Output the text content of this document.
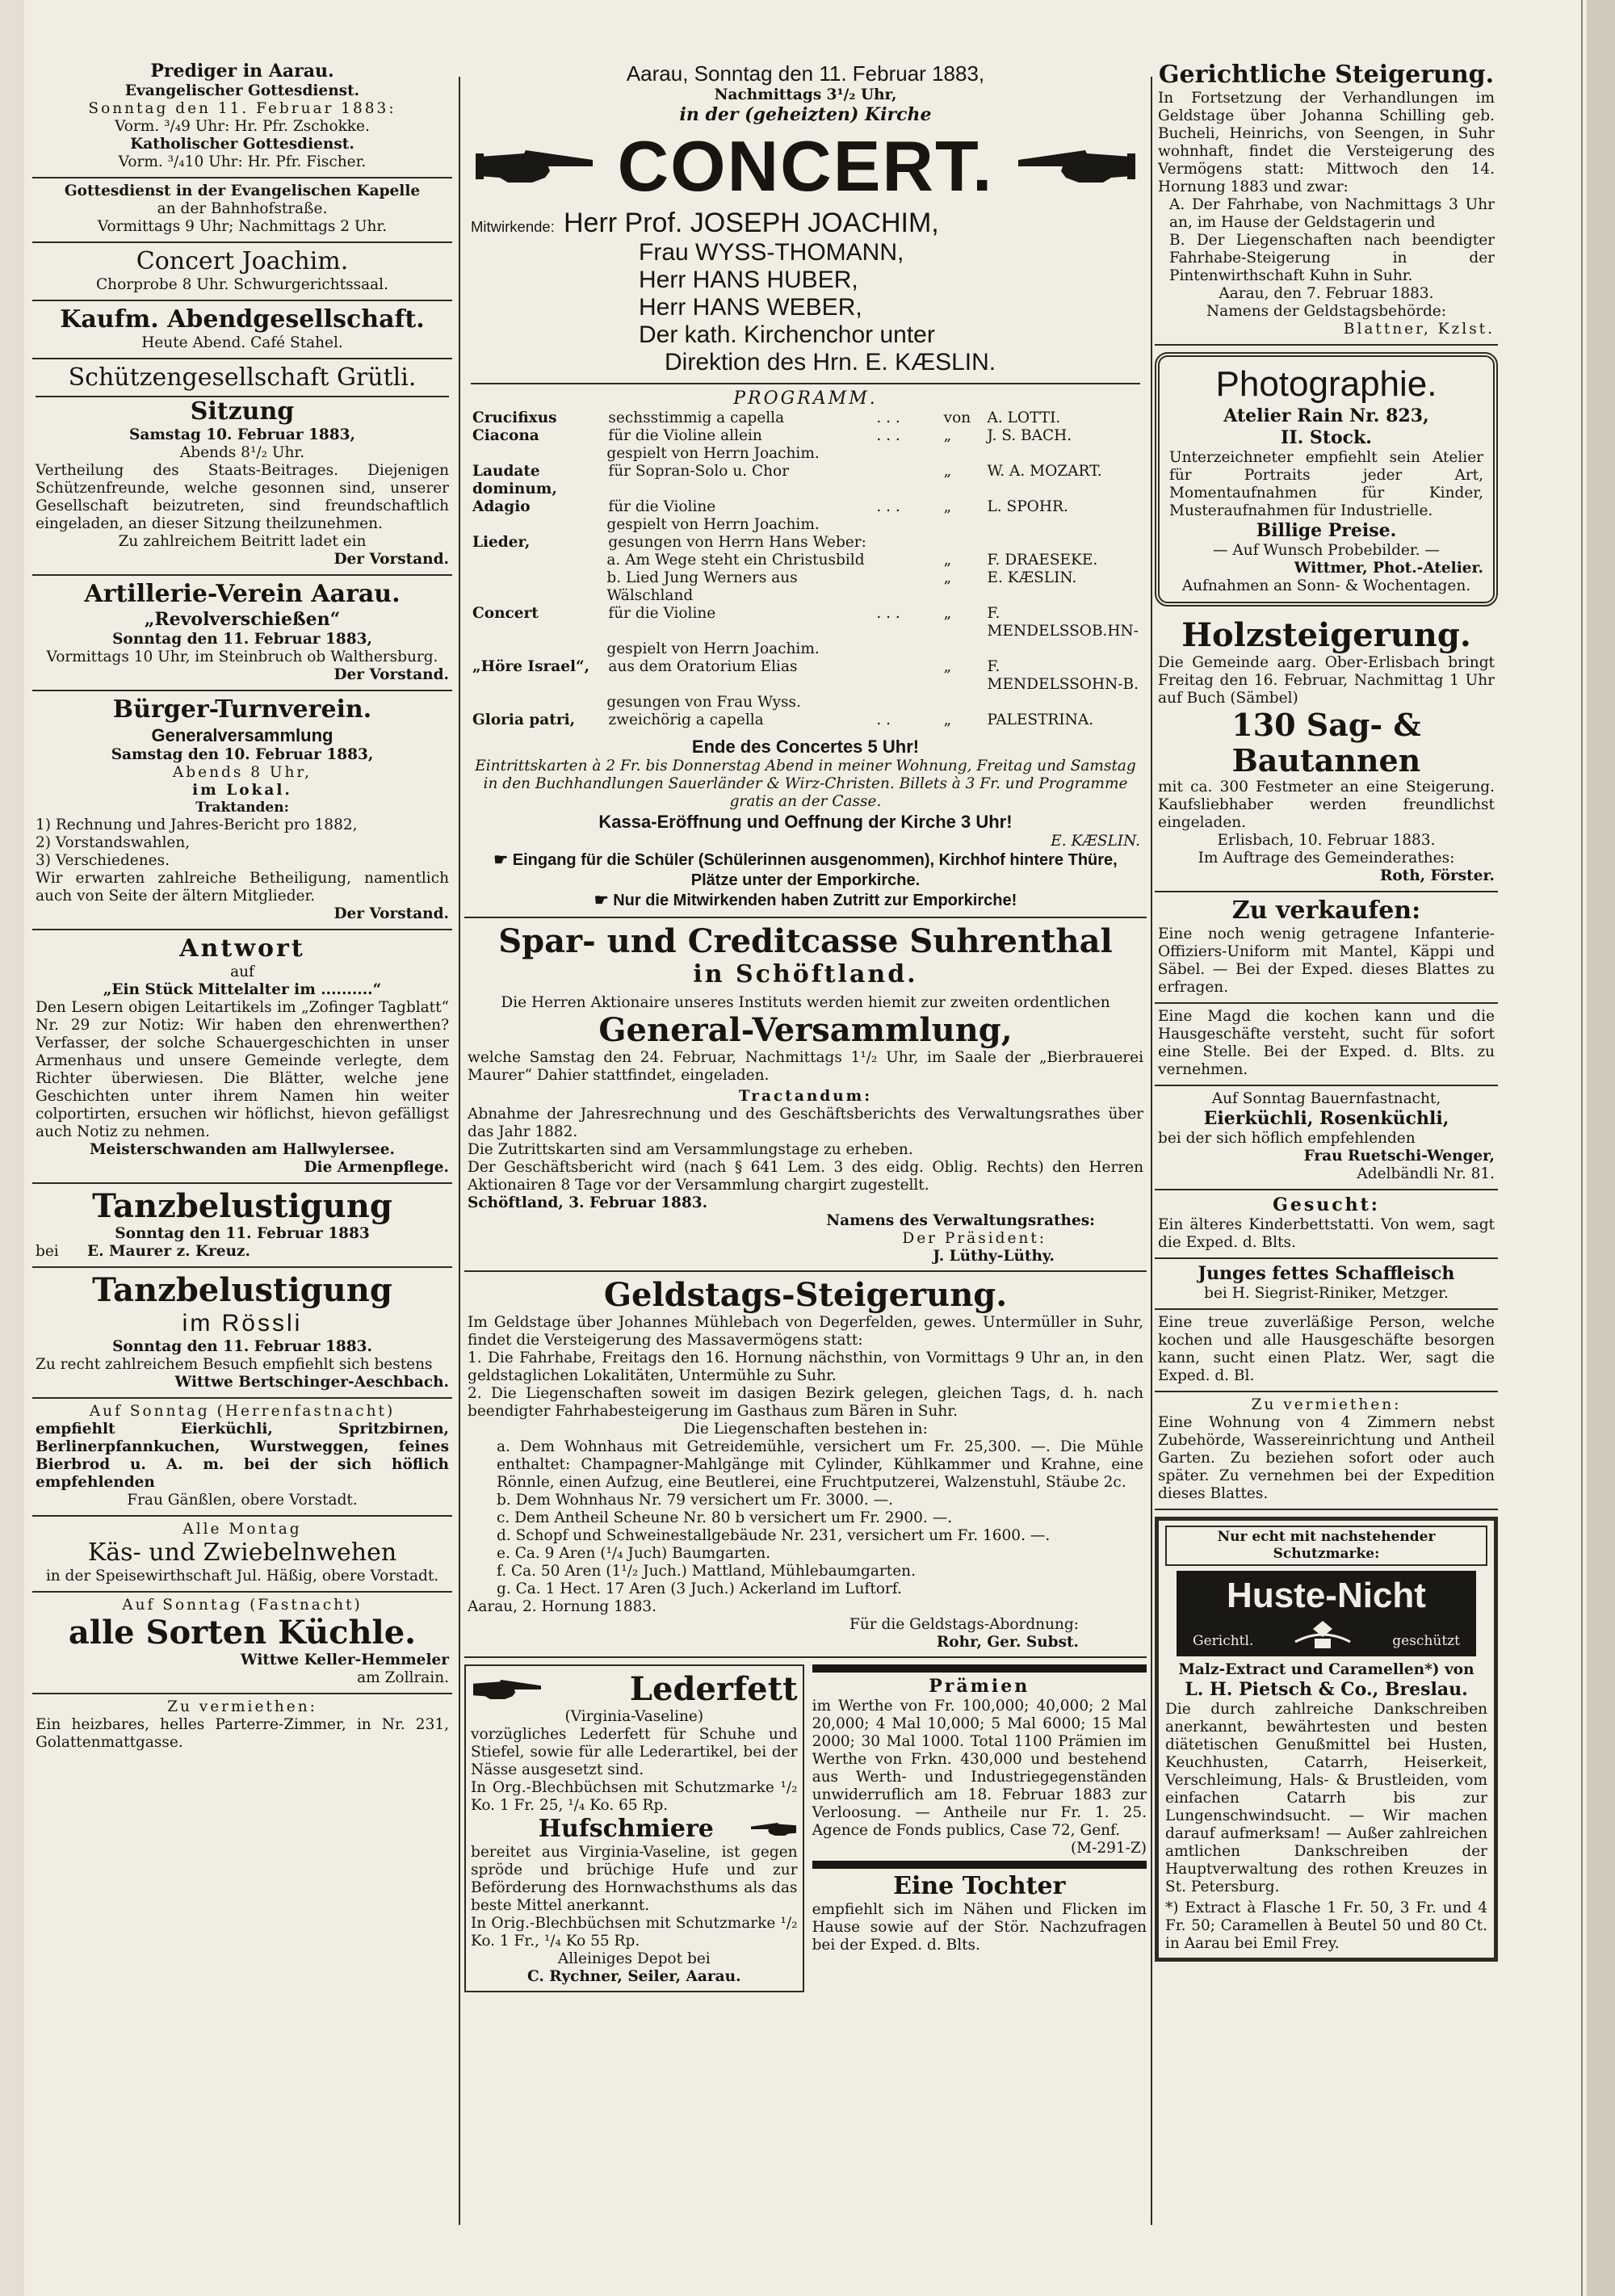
Prediger in Aarau.

Evangelischer Gottesdienst.

Sonntag den 11. Februar 1883:

Vorm. ³/₄9 Uhr: Hr. Pfr. Zschokke.

Katholischer Gottesdienst.

Vorm. ³/₄10 Uhr: Hr. Pfr. Fischer.

Gottesdienst in der Evangelischen Kapelle

an der Bahnhofstraße.

Vormittags 9 Uhr; Nachmittags 2 Uhr.

Concert Joachim.

Chorprobe 8 Uhr. Schwurgerichtssaal.

Kaufm. Abendgesellschaft.

Heute Abend. Café Stahel.

Schützengesellschaft Grütli.

Sitzung

Samstag 10. Februar 1883,

Abends 8¹/₂ Uhr.

Vertheilung des Staats-Beitrages. Diejenigen Schützenfreunde, welche gesonnen sind, unserer Gesellschaft beizutreten, sind freundschaftlich eingeladen, an dieser Sitzung theilzunehmen.

Zu zahlreichem Beitritt ladet ein

Der Vorstand.

Artillerie-Verein Aarau.

„Revolverschießen“

Sonntag den 11. Februar 1883,

Vormittags 10 Uhr, im Steinbruch ob Walthersburg.

Der Vorstand.

Bürger-Turnverein.

Generalversammlung

Samstag den 10. Februar 1883,

Abends 8 Uhr,

im Lokal.

Traktanden:

1) Rechnung und Jahres-Bericht pro 1882,

2) Vorstandswahlen,

3) Verschiedenes.

Wir erwarten zahlreiche Betheiligung, namentlich auch von Seite der ältern Mitglieder.

Der Vorstand.

Antwort

auf

„Ein Stück Mittelalter im ..........“

Den Lesern obigen Leitartikels im „Zofinger Tagblatt“ Nr. 29 zur Notiz: Wir haben den ehrenwerthen? Verfasser, der solche Schauergeschichten in unser Armenhaus und unsere Gemeinde verlegte, dem Richter überwiesen. Die Blätter, welche jene Geschichten unter ihrem Namen hin weiter colportirten, ersuchen wir höflichst, hievon gefälligst auch Notiz zu nehmen.

Meisterschwanden am Hallwylersee.

Die Armenpflege.

Tanzbelustigung

Sonntag den 11. Februar 1883

bei E. Maurer z. Kreuz.

Tanzbelustigung

im Rössli

Sonntag den 11. Februar 1883.

Zu recht zahlreichem Besuch empfiehlt sich bestens

Wittwe Bertschinger-Aeschbach.

Auf Sonntag (Herrenfastnacht)

empfiehlt Eierküchli, Spritzbirnen, Berlinerpfannkuchen, Wurstweggen, feines Bierbrod u. A. m. bei der sich höflich empfehlenden

Frau Gänßlen, obere Vorstadt.

Alle Montag

Käs- und Zwiebelnwehen

in der Speisewirthschaft Jul. Häßig, obere Vorstadt.

Auf Sonntag (Fastnacht)

alle Sorten Küchle.

Wittwe Keller-Hemmeler

am Zollrain.

Zu vermiethen:

Ein heizbares, helles Parterre-Zimmer, in Nr. 231, Golattenmattgasse.

Aarau, Sonntag den 11. Februar 1883,

Nachmittags 3¹/₂ Uhr,

in der (geheizten) Kirche

CONCERT.
Mitwirkende: Herr Prof. JOSEPH JOACHIM,

Frau WYSS-THOMANN,

Herr HANS HUBER,

Herr HANS WEBER,

Der kath. Kirchenchor unter

Direktion des Hrn. E. KÆSLIN.

PROGRAMM.

Crucifixus	sechsstimmig a capella	. . .	von	A. LOTTI.
Ciacona	für die Violine allein	. . .	„	J. S. BACH.
	gespielt von Herrn Joachim.			
Laudate dominum,	für Sopran-Solo u. Chor		„	W. A. MOZART.
Adagio	für die Violine	. . .	„	L. SPOHR.
	gespielt von Herrn Joachim.			
Lieder,	gesungen von Herrn Hans Weber:			
	a. Am Wege steht ein Christusbild		„	F. DRAESEKE.
	b. Lied Jung Werners aus Wälschland		„	E. KÆSLIN.
Concert	für die Violine	. . .	„	F. MENDELSSOB.HN-
	gespielt von Herrn Joachim.			
„Höre Israel“,	aus dem Oratorium Elias		„	F. MENDELSSOHN-B.
	gesungen von Frau Wyss.			
Gloria patri,	zweichörig a capella	. .	„	PALESTRINA.

Ende des Concertes 5 Uhr!

Eintrittskarten à 2 Fr. bis Donnerstag Abend in meiner Wohnung, Freitag und Samstag in den Buchhandlungen Sauerländer & Wirz-Christen. Billets à 3 Fr. und Programme gratis an der Casse.

Kassa-Eröffnung und Oeffnung der Kirche 3 Uhr!

E. KÆSLIN.

☛ Eingang für die Schüler (Schülerinnen ausgenommen), Kirchhof hintere Thüre, Plätze unter der Emporkirche.

☛ Nur die Mitwirkenden haben Zutritt zur Emporkirche!

Spar- und Creditcasse Suhrenthal

in Schöftland.

Die Herren Aktionaire unseres Instituts werden hiemit zur zweiten ordentlichen

General-Versammlung,

welche Samstag den 24. Februar, Nachmittags 1¹/₂ Uhr, im Saale der „Bierbrauerei Maurer“ Dahier stattfindet, eingeladen.

Tractandum:

Abnahme der Jahresrechnung und des Geschäftsberichts des Verwaltungsrathes über das Jahr 1882.

Die Zutrittskarten sind am Versammlungstage zu erheben.

Der Geschäftsbericht wird (nach § 641 Lem. 3 des eidg. Oblig. Rechts) den Herren Aktionairen 8 Tage vor der Versammlung chargirt zugestellt.

Schöftland, 3. Februar 1883.

Namens des Verwaltungsrathes:

Der Präsident:

J. Lüthy-Lüthy.

Geldstags-Steigerung.

Im Geldstage über Johannes Mühlebach von Degerfelden, gewes. Untermüller in Suhr, findet die Versteigerung des Massavermögens statt:

1. Die Fahrhabe, Freitags den 16. Hornung nächsthin, von Vormittags 9 Uhr an, in den geldstaglichen Lokalitäten, Untermühle zu Suhr.

2. Die Liegenschaften soweit im dasigen Bezirk gelegen, gleichen Tags, d. h. nach beendigter Fahrhabesteigerung im Gasthaus zum Bären in Suhr.

Die Liegenschaften bestehen in:

a. Dem Wohnhaus mit Getreidemühle, versichert um Fr. 25,300. —. Die Mühle enthaltet: Champagner-Mahlgänge mit Cylinder, Kühlkammer und Krahne, eine Rönnle, einen Aufzug, eine Beutlerei, eine Fruchtputzerei, Walzenstuhl, Stäube 2c.

b. Dem Wohnhaus Nr. 79 versichert um Fr. 3000. —.

c. Dem Antheil Scheune Nr. 80 b versichert um Fr. 2900. —.

d. Schopf und Schweinestallgebäude Nr. 231, versichert um Fr. 1600. —.

e. Ca. 9 Aren (¹/₄ Juch) Baumgarten.

f. Ca. 50 Aren (1¹/₂ Juch.) Mattland, Mühlebaumgarten.

g. Ca. 1 Hect. 17 Aren (3 Juch.) Ackerland im Luftorf.

Aarau, 2. Hornung 1883.

Für die Geldstags-Abordnung:

Rohr, Ger. Subst.

Lederfett

(Virginia-Vaseline)

vorzügliches Lederfett für Schuhe und Stiefel, sowie für alle Lederartikel, bei der Nässe ausgesetzt sind.

In Org.-Blechbüchsen mit Schutzmarke ¹/₂ Ko. 1 Fr. 25, ¹/₄ Ko. 65 Rp.

Hufschmiere

bereitet aus Virginia-Vaseline, ist gegen spröde und brüchige Hufe und zur Beförderung des Hornwachsthums als das beste Mittel anerkannt.

In Orig.-Blechbüchsen mit Schutzmarke ¹/₂ Ko. 1 Fr., ¹/₄ Ko 55 Rp.

Alleiniges Depot bei

C. Rychner, Seiler, Aarau.

Prämien

im Werthe von Fr. 100,000; 40,000; 2 Mal 20,000; 4 Mal 10,000; 5 Mal 6000; 15 Mal 2000; 30 Mal 1000. Total 1100 Prämien im Werthe von Frkn. 430,000 und bestehend aus Werth- und Industriegegenständen unwiderruflich am 18. Februar 1883 zur Verloosung. — Antheile nur Fr. 1. 25. Agence de Fonds publics, Case 72, Genf.

(M-291-Z)

Eine Tochter

empfiehlt sich im Nähen und Flicken im Hause sowie auf der Stör. Nachzufragen bei der Exped. d. Blts.

Gerichtliche Steigerung.

In Fortsetzung der Verhandlungen im Geldstage über Johanna Schilling geb. Bucheli, Heinrichs, von Seengen, in Suhr wohnhaft, findet die Versteigerung des Vermögens statt: Mittwoch den 14. Hornung 1883 und zwar:

A. Der Fahrhabe, von Nachmittags 3 Uhr an, im Hause der Geldstagerin und

B. Der Liegenschaften nach beendigter Fahrhabe-Steigerung in der Pintenwirthschaft Kuhn in Suhr.

Aarau, den 7. Februar 1883.

Namens der Geldstagsbehörde:

Blattner, Kzlst.

Photographie.

Atelier Rain Nr. 823,

II. Stock.

Unterzeichneter empfiehlt sein Atelier für Portraits jeder Art, Momentaufnahmen für Kinder, Musteraufnahmen für Industrielle.

Billige Preise.

— Auf Wunsch Probebilder. —

Wittmer, Phot.-Atelier.

Aufnahmen an Sonn- & Wochentagen.

Holzsteigerung.

Die Gemeinde aarg. Ober-Erlisbach bringt Freitag den 16. Februar, Nachmittag 1 Uhr auf Buch (Sämbel)

130 Sag- & Bautannen

mit ca. 300 Festmeter an eine Steigerung. Kaufsliebhaber werden freundlichst eingeladen.

Erlisbach, 10. Februar 1883.

Im Auftrage des Gemeinderathes:

Roth, Förster.

Zu verkaufen:

Eine noch wenig getragene Infanterie-Offiziers-Uniform mit Mantel, Käppi und Säbel. — Bei der Exped. dieses Blattes zu erfragen.

Eine Magd die kochen kann und die Hausgeschäfte versteht, sucht für sofort eine Stelle. Bei der Exped. d. Blts. zu vernehmen.

Auf Sonntag Bauernfastnacht,

Eierküchli, Rosenküchli,

bei der sich höflich empfehlenden

Frau Ruetschi-Wenger,

Adelbändli Nr. 81.

Gesucht:

Ein älteres Kinderbettstatti. Von wem, sagt die Exped. d. Blts.

Junges fettes Schaffleisch

bei H. Siegrist-Riniker, Metzger.

Eine treue zuverläßige Person, welche kochen und alle Hausgeschäfte besorgen kann, sucht einen Platz. Wer, sagt die Exped. d. Bl.

Zu vermiethen:

Eine Wohnung von 4 Zimmern nebst Zubehörde, Wassereinrichtung und Antheil Garten. Zu beziehen sofort oder auch später. Zu vernehmen bei der Expedition dieses Blattes.

Nur echt mit nachstehender Schutzmarke:

Huste-Nicht

Gerichtl.	geschützt

Malz-Extract und Caramellen*) von

L. H. Pietsch & Co., Breslau.

Die durch zahlreiche Dankschreiben anerkannt, bewährtesten und besten diätetischen Genußmittel bei Husten, Keuchhusten, Catarrh, Heiserkeit, Verschleimung, Hals- & Brustleiden, vom einfachen Catarrh bis zur Lungenschwindsucht. — Wir machen darauf aufmerksam! — Außer zahlreichen amtlichen Dankschreiben der Hauptverwaltung des rothen Kreuzes in St. Petersburg.

*) Extract à Flasche 1 Fr. 50, 3 Fr. und 4 Fr. 50; Caramellen à Beutel 50 und 80 Ct. in Aarau bei Emil Frey.
